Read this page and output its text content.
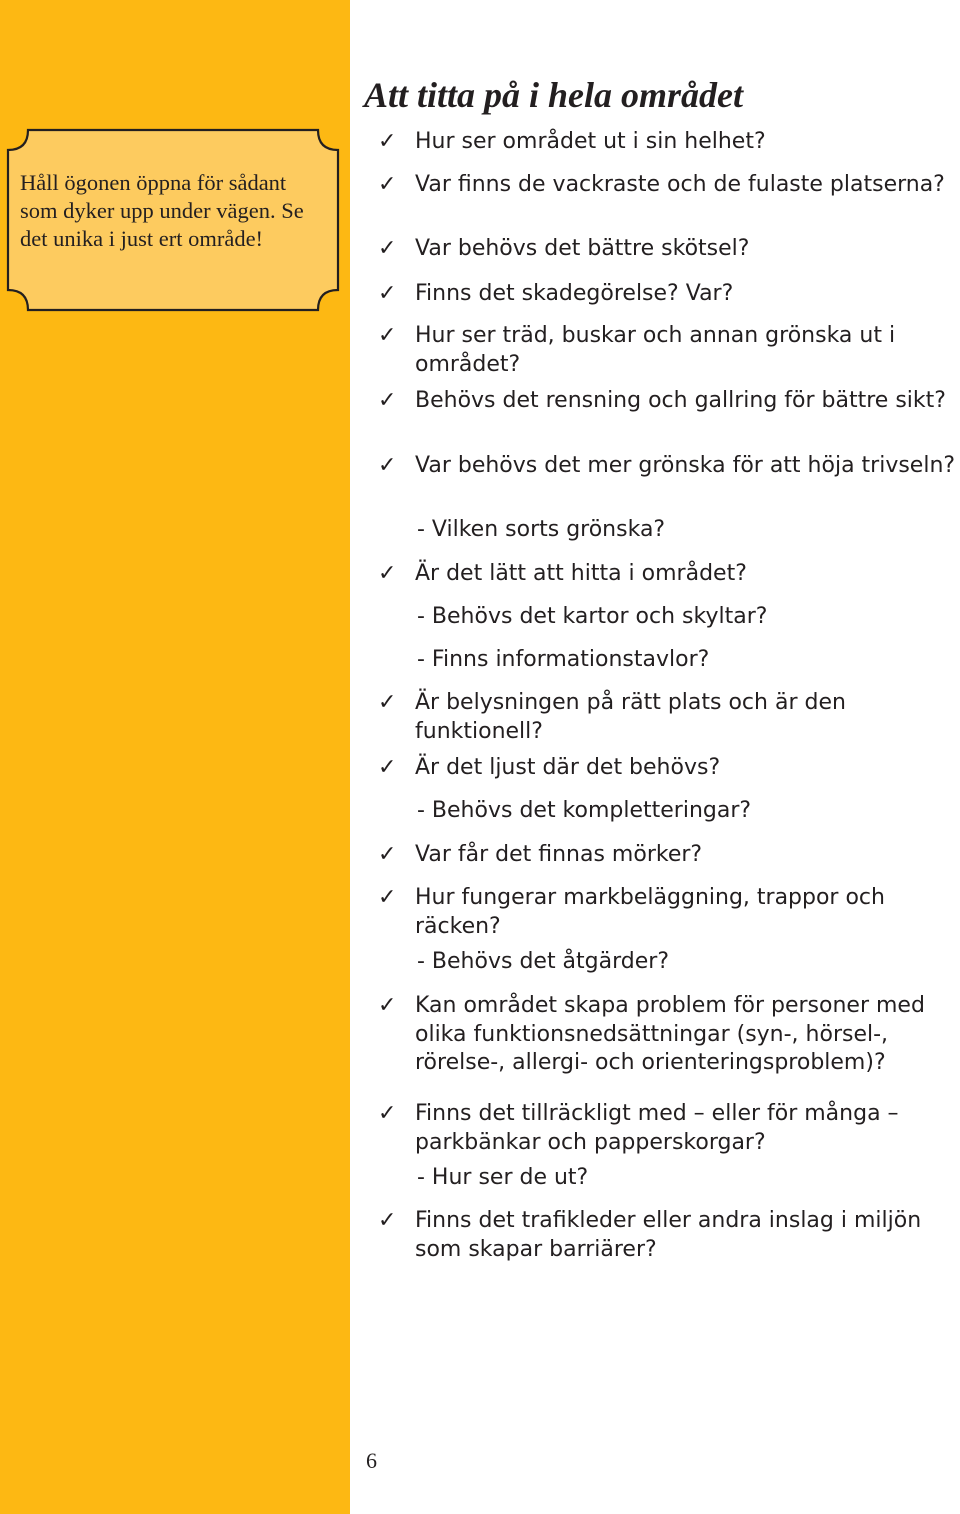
Håll ögonen öppna för sådant som dyker upp under vägen. Se det unika i just ert område!
Att titta på i hela området
✓ Hur ser området ut i sin helhet?
✓ Var finns de vackraste och de fulaste platserna?
✓ Var behövs det bättre skötsel?
✓ Finns det skadegörelse? Var?
✓ Hur ser träd, buskar och annan grönska ut i området?
✓ Behövs det rensning och gallring för bättre sikt?
✓ Var behövs det mer grönska för att höja trivseln?
- Vilken sorts grönska?
✓ Är det lätt att hitta i området?
- Behövs det kartor och skyltar?
- Finns informationstavlor?
✓ Är belysningen på rätt plats och är den funktionell?
✓ Är det ljust där det behövs?
- Behövs det kompletteringar?
✓ Var får det finnas mörker?
✓ Hur fungerar markbeläggning, trappor och räcken?
- Behövs det åtgärder?
✓ Kan området skapa problem för personer med olika funktionsnedsättningar (syn-, hörsel-, rörelse-, allergi- och orienteringsproblem)?
✓ Finns det tillräckligt med – eller för många – parkbänkar och papperskorgar?
- Hur ser de ut?
✓ Finns det trafikleder eller andra inslag i miljön som skapar barriärer?
6
